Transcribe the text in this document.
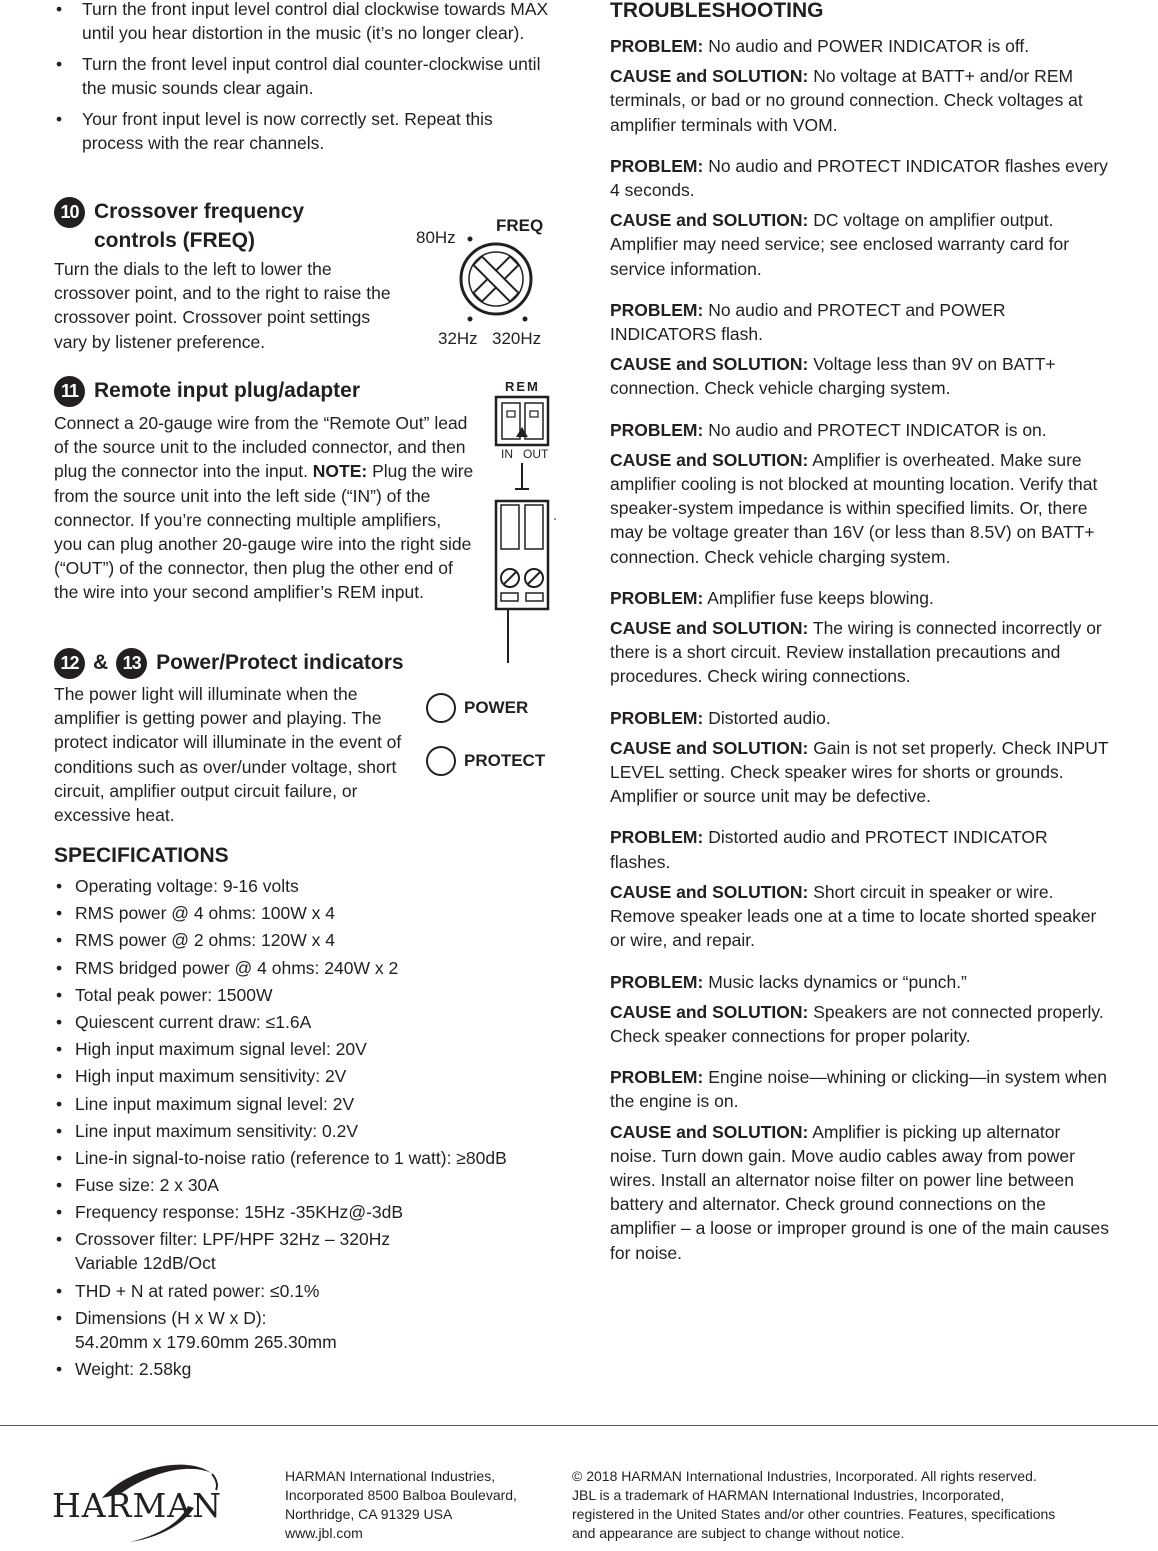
• Turn the front input level control dial clockwise towards MAX until you hear distortion in the music (it’s no longer clear).
• Turn the front level input control dial counter-clockwise until the music sounds clear again.
• Your front input level is now correctly set. Repeat this process with the rear channels.
10 Crossover frequency controls (FREQ)

Turn the dials to the left to lower the crossover point, and to the right to raise the crossover point. Crossover point settings vary by listener preference.

FREQ
80Hz
32Hz 320Hz
11 Remote input plug/adapter

Connect a 20-gauge wire from the “Remote Out” lead of the source unit to the included connector, and then plug the connector into the input. NOTE: Plug the wire from the source unit into the left side (“IN”) of the connector. If you’re connecting multiple amplifiers, you can plug another 20-gauge wire into the right side (“OUT”) of the connector, then plug the other end of the wire into your second amplifier’s REM input.

REM
IN OUT
12 & 13 Power/Protect indicators

The power light will illuminate when the amplifier is getting power and playing. The protect indicator will illuminate in the event of conditions such as over/under voltage, short circuit, amplifier output circuit failure, or excessive heat.

POWER
PROTECT
SPECIFICATIONS
• Operating voltage: 9-16 volts
• RMS power @ 4 ohms: 100W x 4
• RMS power @ 2 ohms: 120W x 4
• RMS bridged power @ 4 ohms: 240W x 2
• Total peak power: 1500W
• Quiescent current draw: ≤1.6A
• High input maximum signal level: 20V
• High input maximum sensitivity: 2V
• Line input maximum signal level: 2V
• Line input maximum sensitivity: 0.2V
• Line-in signal-to-noise ratio (reference to 1 watt): ≥80dB
• Fuse size: 2 x 30A
• Frequency response: 15Hz -35KHz@-3dB
• Crossover filter: LPF/HPF 32Hz – 320Hz
Variable 12dB/Oct
• THD + N at rated power: ≤0.1%
• Dimensions (H x W x D):
54.20mm x 179.60mm 265.30mm
• Weight: 2.58kg
TROUBLESHOOTING

PROBLEM: No audio and POWER INDICATOR is off.

CAUSE and SOLUTION: No voltage at BATT+ and/or REM terminals, or bad or no ground connection. Check voltages at amplifier terminals with VOM.

PROBLEM: No audio and PROTECT INDICATOR flashes every 4 seconds.

CAUSE and SOLUTION: DC voltage on amplifier output. Amplifier may need service; see enclosed warranty card for service information.

PROBLEM: No audio and PROTECT and POWER INDICATORS flash.

CAUSE and SOLUTION: Voltage less than 9V on BATT+ connection. Check vehicle charging system.

PROBLEM: No audio and PROTECT INDICATOR is on.

CAUSE and SOLUTION: Amplifier is overheated. Make sure amplifier cooling is not blocked at mounting location. Verify that speaker-system impedance is within specified limits. Or, there may be voltage greater than 16V (or less than 8.5V) on BATT+ connection. Check vehicle charging system.

PROBLEM: Amplifier fuse keeps blowing.

CAUSE and SOLUTION: The wiring is connected incorrectly or there is a short circuit. Review installation precautions and procedures. Check wiring connections.

PROBLEM: Distorted audio.

CAUSE and SOLUTION: Gain is not set properly. Check INPUT LEVEL setting. Check speaker wires for shorts or grounds. Amplifier or source unit may be defective.

PROBLEM: Distorted audio and PROTECT INDICATOR flashes.

CAUSE and SOLUTION: Short circuit in speaker or wire. Remove speaker leads one at a time to locate shorted speaker or wire, and repair.

PROBLEM: Music lacks dynamics or “punch.”

CAUSE and SOLUTION: Speakers are not connected properly. Check speaker connections for proper polarity.

PROBLEM: Engine noise—whining or clicking—in system when the engine is on.

CAUSE and SOLUTION: Amplifier is picking up alternator noise. Turn down gain. Move audio cables away from power wires. Install an alternator noise filter on power line between battery and alternator. Check ground connections on the amplifier – a loose or improper ground is one of the main causes for noise.

HARMAN
HARMAN International Industries,
Incorporated 8500 Balboa Boulevard,
Northridge, CA 91329 USA
www.jbl.com
© 2018 HARMAN International Industries, Incorporated. All rights reserved.
JBL is a trademark of HARMAN International Industries, Incorporated,
registered in the United States and/or other countries. Features, specifications
and appearance are subject to change without notice.
